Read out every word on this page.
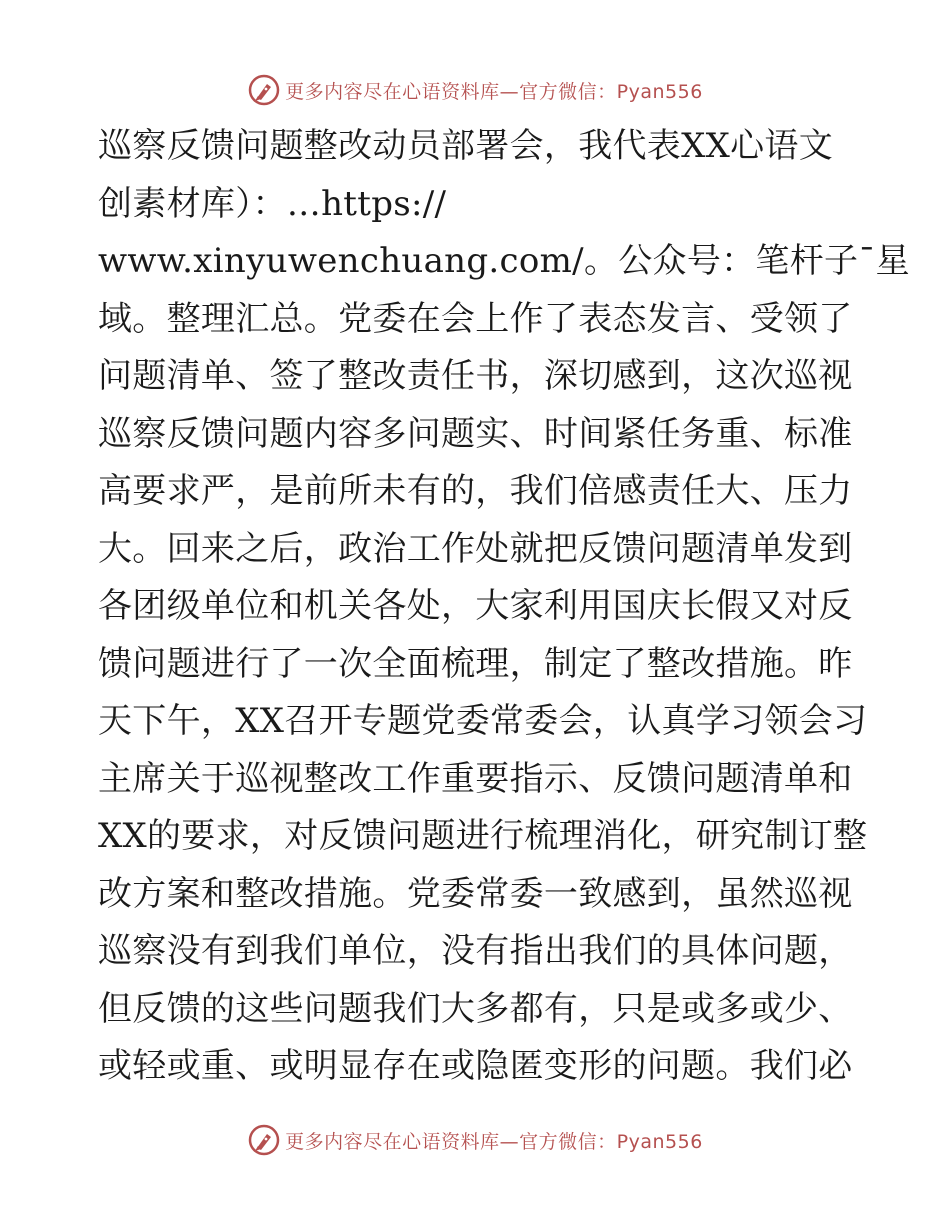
更多内容尽在心语资料库—官方微信：Pyan556
巡察反馈问题整改动员部署会，我代表XX心语文
创素材库）：…https://
www.xinyuwenchuang.com/。公众号：笔杆子¯星
域。整理汇总。党委在会上作了表态发言、受领了
问题清单、签了整改责任书，深切感到，这次巡视
巡察反馈问题内容多问题实、时间紧任务重、标准
高要求严，是前所未有的，我们倍感责任大、压力
大。回来之后，政治工作处就把反馈问题清单发到
各团级单位和机关各处，大家利用国庆长假又对反
馈问题进行了一次全面梳理，制定了整改措施。昨
天下午，XX召开专题党委常委会，认真学习领会习
主席关于巡视整改工作重要指示、反馈问题清单和
XX的要求，对反馈问题进行梳理消化，研究制订整
改方案和整改措施。党委常委一致感到，虽然巡视
巡察没有到我们单位，没有指出我们的具体问题，
但反馈的这些问题我们大多都有，只是或多或少、
或轻或重、或明显存在或隐匿变形的问题。我们必
更多内容尽在心语资料库—官方微信：Pyan556
